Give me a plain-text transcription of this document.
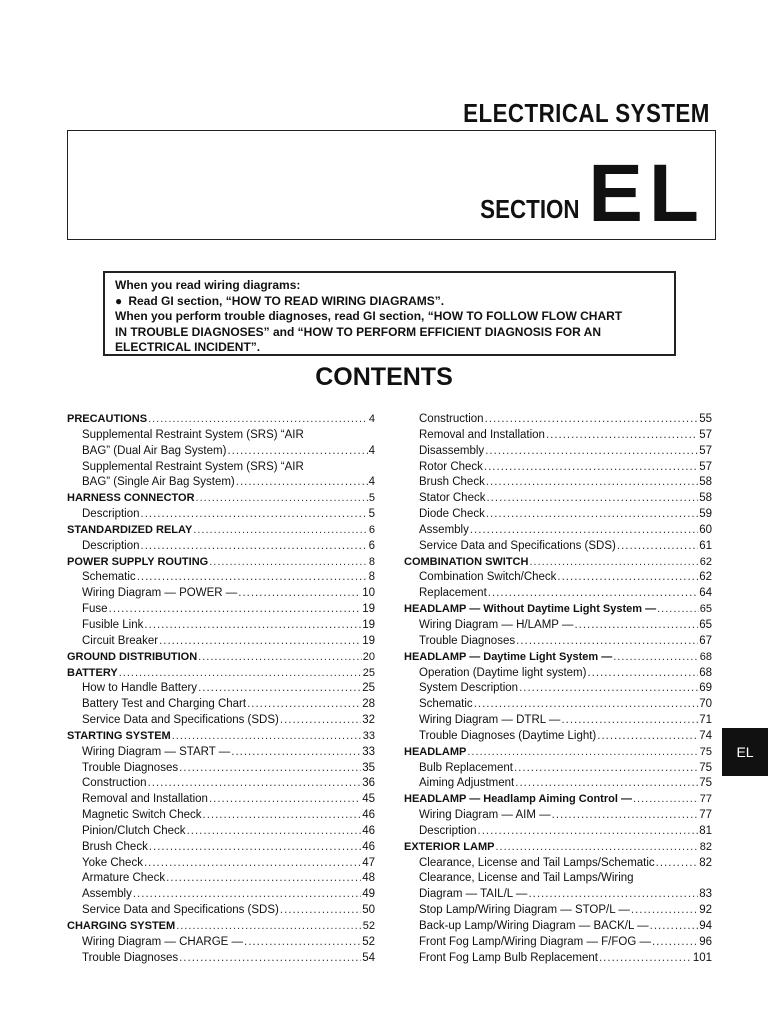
ELECTRICAL SYSTEM
SECTION EL
When you read wiring diagrams:
● Read GI section, “HOW TO READ WIRING DIAGRAMS”.
When you perform trouble diagnoses, read GI section, “HOW TO FOLLOW FLOW CHART
IN TROUBLE DIAGNOSES” and “HOW TO PERFORM EFFICIENT DIAGNOSIS FOR AN
ELECTRICAL INCIDENT”.
CONTENTS
PRECAUTIONS .....	4
Supplemental Restraint System (SRS) “AIR
BAG” (Dual Air Bag System) .....	4
Supplemental Restraint System (SRS) “AIR
BAG” (Single Air Bag System) .....	4
HARNESS CONNECTOR .....	5
Description .....	5
STANDARDIZED RELAY .....	6
Description .....	6
POWER SUPPLY ROUTING .....	8
Schematic .....	8
Wiring Diagram — POWER — .....	10
Fuse .....	19
Fusible Link .....	19
Circuit Breaker .....	19
GROUND DISTRIBUTION .....	20
BATTERY .....	25
How to Handle Battery .....	25
Battery Test and Charging Chart .....	28
Service Data and Specifications (SDS) .....	32
STARTING SYSTEM .....	33
Wiring Diagram — START — .....	33
Trouble Diagnoses .....	35
Construction .....	36
Removal and Installation .....	45
Magnetic Switch Check .....	46
Pinion/Clutch Check .....	46
Brush Check .....	46
Yoke Check .....	47
Armature Check .....	48
Assembly .....	49
Service Data and Specifications (SDS) .....	50
CHARGING SYSTEM .....	52
Wiring Diagram — CHARGE — .....	52
Trouble Diagnoses .....	54
Construction .....	55
Removal and Installation .....	57
Disassembly .....	57
Rotor Check .....	57
Brush Check .....	58
Stator Check .....	58
Diode Check .....	59
Assembly .....	60
Service Data and Specifications (SDS) .....	61
COMBINATION SWITCH .....	62
Combination Switch/Check .....	62
Replacement .....	64
HEADLAMP — Without Daytime Light System — .....	65
Wiring Diagram — H/LAMP — .....	65
Trouble Diagnoses .....	67
HEADLAMP — Daytime Light System — .....	68
Operation (Daytime light system) .....	68
System Description .....	69
Schematic .....	70
Wiring Diagram — DTRL — .....	71
Trouble Diagnoses (Daytime Light) .....	74
HEADLAMP .....	75
Bulb Replacement .....	75
Aiming Adjustment .....	75
HEADLAMP — Headlamp Aiming Control — .....	77
Wiring Diagram — AIM — .....	77
Description .....	81
EXTERIOR LAMP .....	82
Clearance, License and Tail Lamps/Schematic .....	82
Clearance, License and Tail Lamps/Wiring
Diagram — TAIL/L — .....	83
Stop Lamp/Wiring Diagram — STOP/L — .....	92
Back-up Lamp/Wiring Diagram — BACK/L — .....	94
Front Fog Lamp/Wiring Diagram — F/FOG — .....	96
Front Fog Lamp Bulb Replacement .....	101
EL
